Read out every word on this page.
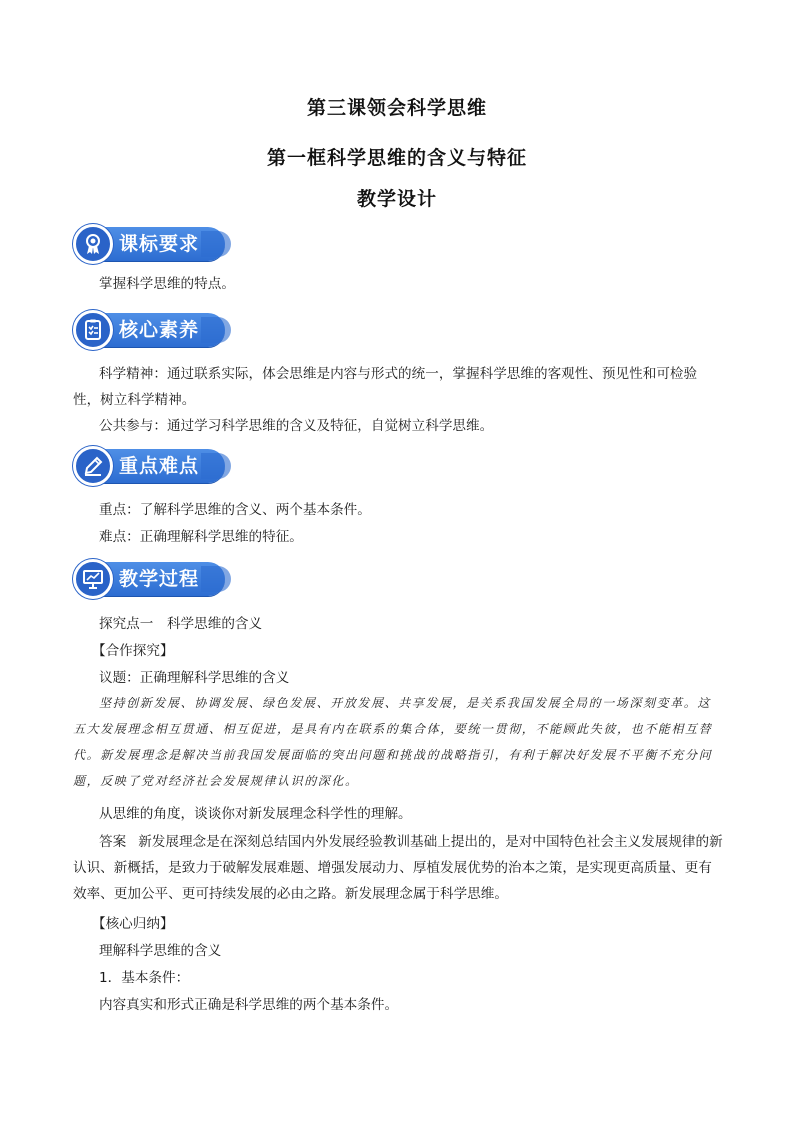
第三课领会科学思维
第一框科学思维的含义与特征
教学设计
课标要求
掌握科学思维的特点。
核心素养
科学精神：通过联系实际，体会思维是内容与形式的统一，掌握科学思维的客观性、预见性和可检验性，树立科学精神。
公共参与：通过学习科学思维的含义及特征，自觉树立科学思维。
重点难点
重点：了解科学思维的含义、两个基本条件。
难点：正确理解科学思维的特征。
教学过程
探究点一　科学思维的含义
【合作探究】
议题：正确理解科学思维的含义
坚持创新发展、协调发展、绿色发展、开放发展、共享发展，是关系我国发展全局的一场深刻变革。这五大发展理念相互贯通、相互促进，是具有内在联系的集合体，要统一贯彻，不能顾此失彼，也不能相互替代。新发展理念是解决当前我国发展面临的突出问题和挑战的战略指引，有利于解决好发展不平衡不充分问题，反映了党对经济社会发展规律认识的深化。
从思维的角度，谈谈你对新发展理念科学性的理解。
答案 新发展理念是在深刻总结国内外发展经验教训基础上提出的，是对中国特色社会主义发展规律的新认识、新概括，是致力于破解发展难题、增强发展动力、厚植发展优势的治本之策，是实现更高质量、更有效率、更加公平、更可持续发展的必由之路。新发展理念属于科学思维。
【核心归纳】
理解科学思维的含义
1．基本条件：
内容真实和形式正确是科学思维的两个基本条件。
